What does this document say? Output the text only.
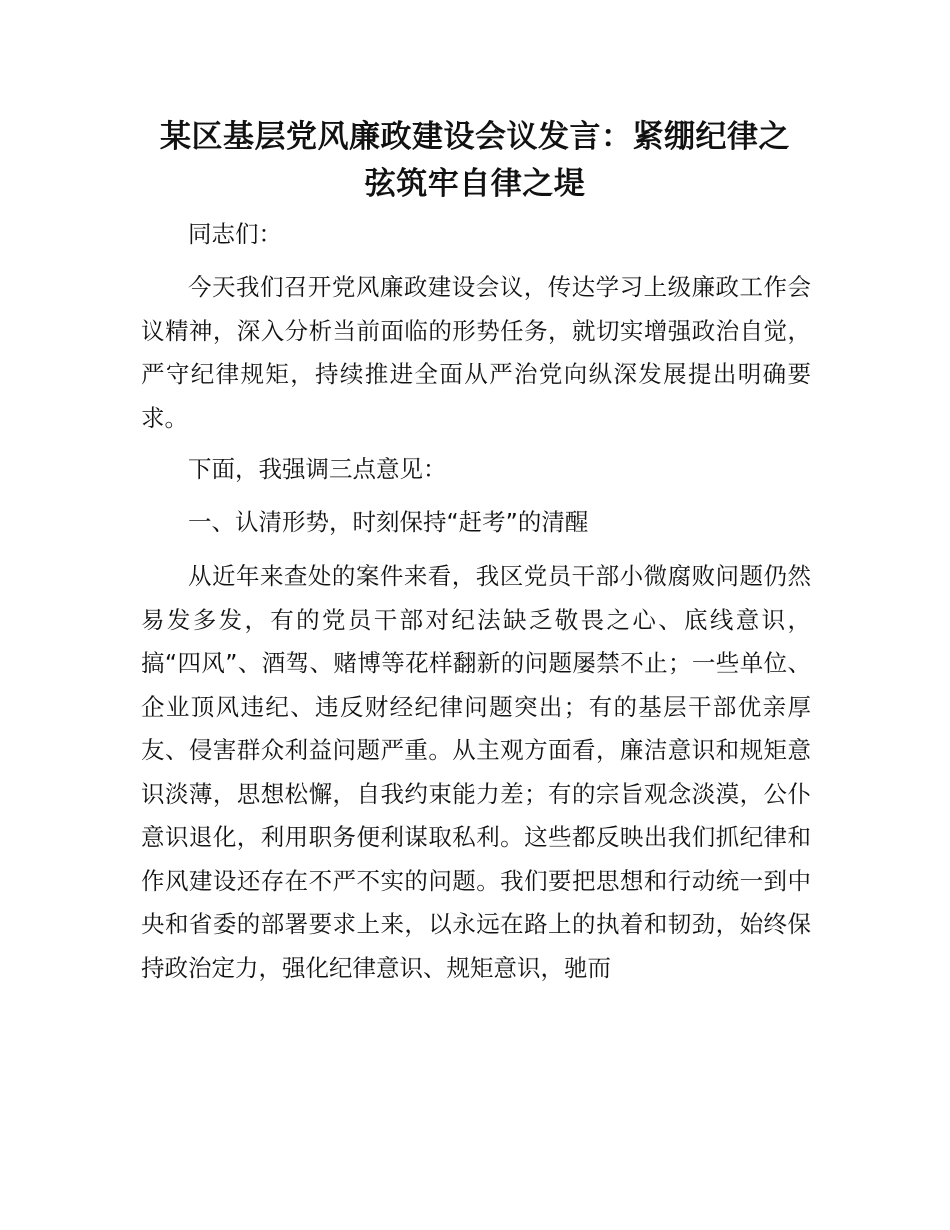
某区基层党风廉政建设会议发言：紧绷纪律之
弦筑牢自律之堤

同志们：

今天我们召开党风廉政建设会议，传达学习上级廉政工作会议精神，深入分析当前面临的形势任务，就切实增强政治自觉，严守纪律规矩，持续推进全面从严治党向纵深发展提出明确要求。

下面，我强调三点意见：

一、认清形势，时刻保持“赶考”的清醒

从近年来查处的案件来看，我区党员干部小微腐败问题仍然易发多发，有的党员干部对纪法缺乏敬畏之心、底线意识，搞“四风”、酒驾、赌博等花样翻新的问题屡禁不止；一些单位、企业顶风违纪、违反财经纪律问题突出；有的基层干部优亲厚友、侵害群众利益问题严重。从主观方面看，廉洁意识和规矩意识淡薄，思想松懈，自我约束能力差；有的宗旨观念淡漠，公仆意识退化，利用职务便利谋取私利。这些都反映出我们抓纪律和作风建设还存在不严不实的问题。我们要把思想和行动统一到中央和省委的部署要求上来，以永远在路上的执着和韧劲，始终保持政治定力，强化纪律意识、规矩意识，驰而
